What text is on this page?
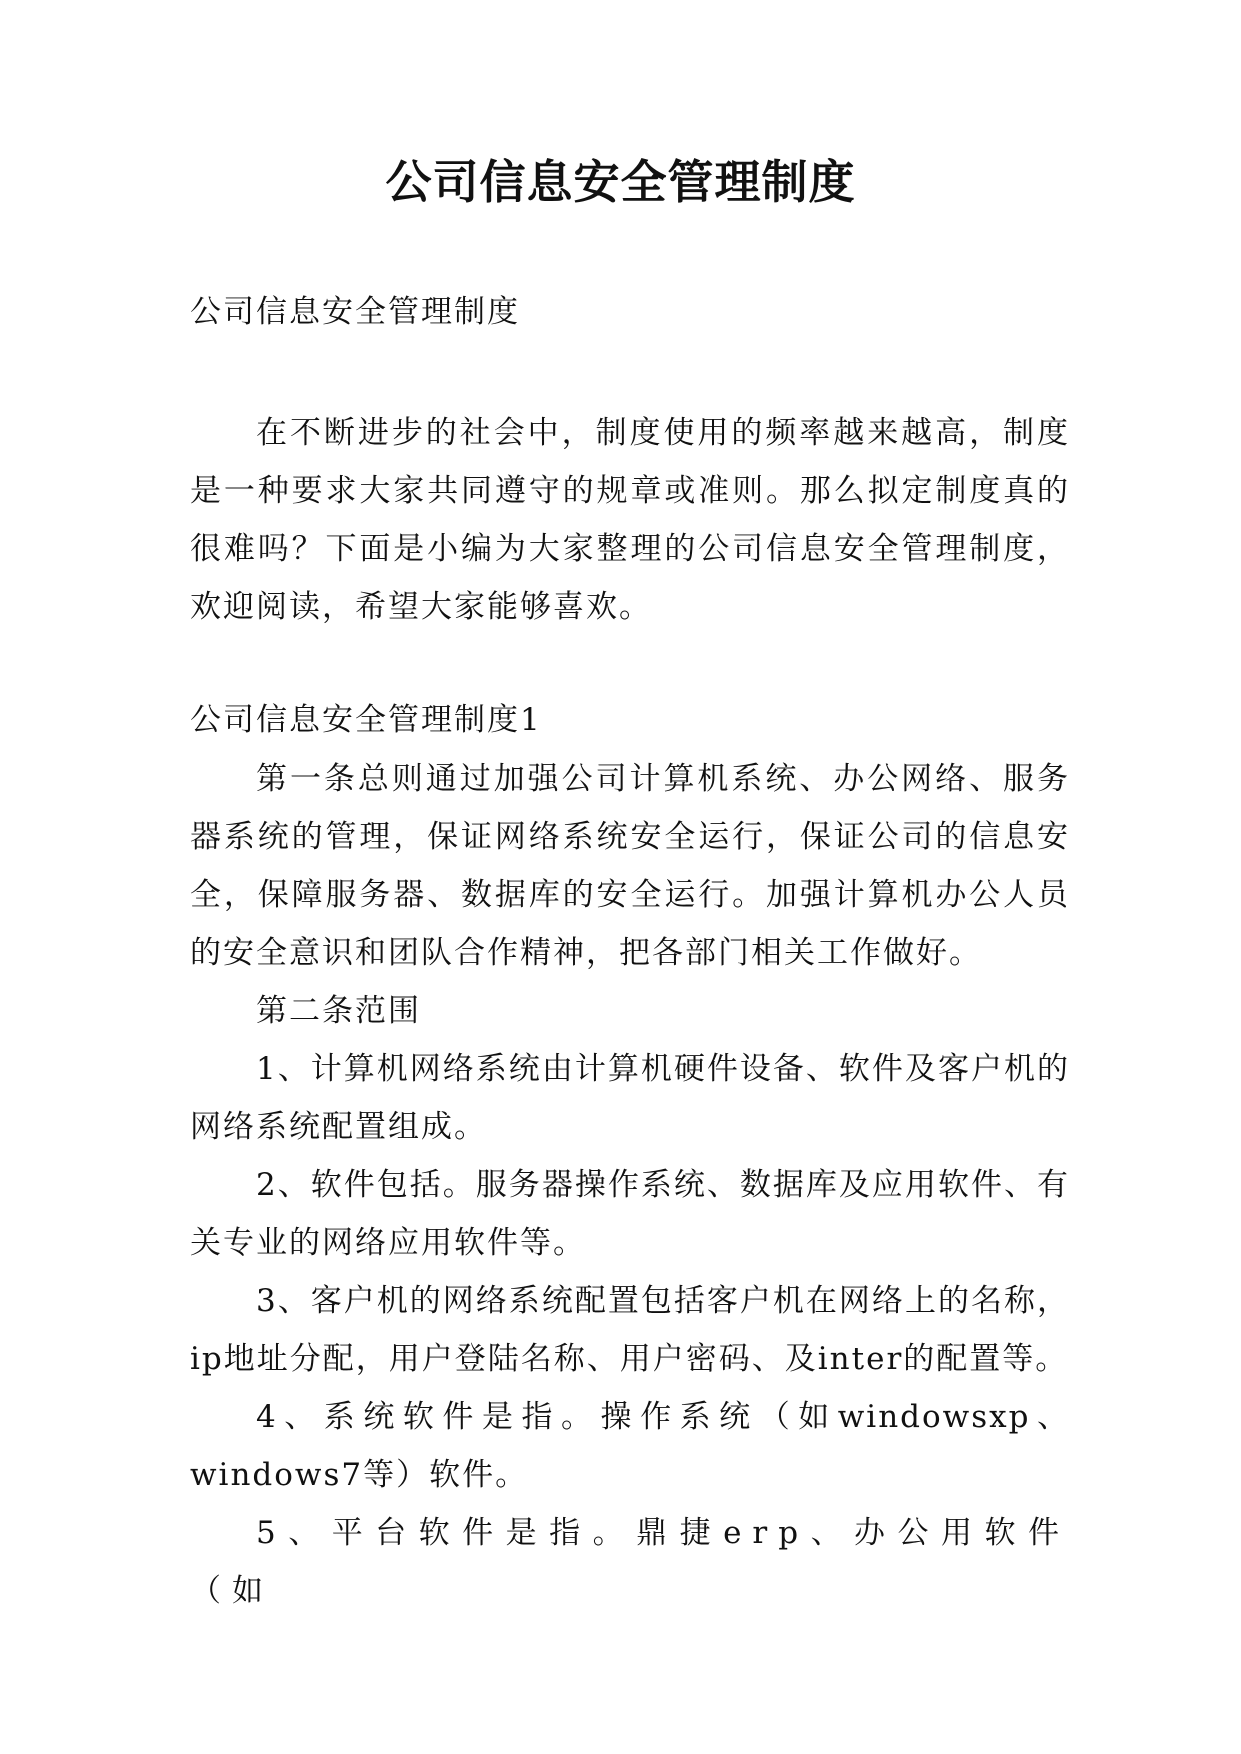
公司信息安全管理制度

公司信息安全管理制度

在不断进步的社会中，制度使用的频率越来越高，制度是一种要求大家共同遵守的规章或准则。那么拟定制度真的很难吗？下面是小编为大家整理的公司信息安全管理制度，欢迎阅读，希望大家能够喜欢。

公司信息安全管理制度1

第一条总则通过加强公司计算机系统、办公网络、服务器系统的管理，保证网络系统安全运行，保证公司的信息安全，保障服务器、数据库的安全运行。加强计算机办公人员的安全意识和团队合作精神，把各部门相关工作做好。

第二条范围

1、计算机网络系统由计算机硬件设备、软件及客户机的网络系统配置组成。

2、软件包括。服务器操作系统、数据库及应用软件、有关专业的网络应用软件等。

3、客户机的网络系统配置包括客户机在网络上的名称，ip地址分配，用户登陆名称、用户密码、及inter的配置等。

4、系统软件是指。操作系统（如windowsxp、windows7等）软件。

5、平台软件是指。鼎捷erp、办公用软件（如
